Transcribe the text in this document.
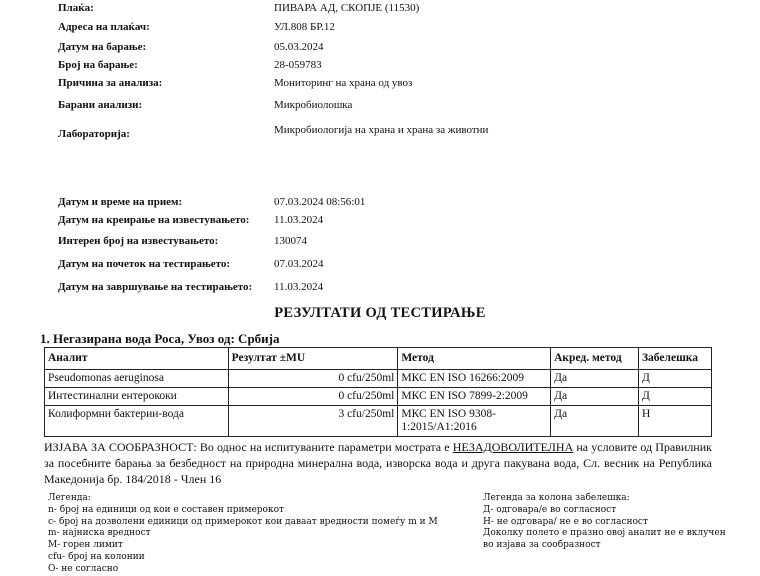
Плаќа:	ПИВАРА АД, СКОПЈЕ (11530)
Адреса на плаќач:	УЛ.808 БР.12
Датум на барање:	05.03.2024
Број на барање:	28-059783
Причина за анализа:	Мониторинг на храна од увоз
Барани анализи:	Микробиолошка
Лабораторија:	Микробиологија на храна и храна за животни
Датум и време на прием:	07.03.2024 08:56:01
Датум на креирање на известувањето: 11.03.2024
Интерен број на известувањето:	130074
Датум на почеток на тестирањето:	07.03.2024
Датум на завршување на тестирањето: 11.03.2024
РЕЗУЛТАТИ ОД ТЕСТИРАЊЕ
1. Негазирана вода Роса, Увоз од: Србија
Аналит	Резултат ±MU	Метод	Акред. метод	Забелешка
Pseudomonas aeruginosa	0 cfu/250ml	МКС EN ISO 16266:2009	Да	Д
Интестинални ентерококи	0 cfu/250ml	МКС EN ISO 7899-2:2009	Да	Д
Колиформни бактерии-вода	3 cfu/250ml	МКС EN ISO 9308-1:2015/A1:2016	Да	Н
ИЗЈАВА ЗА СООБРАЗНОСТ: Во однос на испитуваните параметри мострата е НЕЗАДОВОЛИТЕЛНА на условите од Правилник за посебните барања за безбедност на природна минерална вода, изворска вода и друга пакувана вода, Сл. весник на Република Македонија бр. 184/2018 - Член 16
Легенда:
n- број на единици од кои е составен примерокот
c- број на дозволени единици од примерокот кои даваат вредности помеѓу m и M
m- најниска вредност
M- горен лимит
cfu- број на колонии
О- не согласно
Легенда за колона забелешка:
Д- одговара/е во согласност
Н- не одговара/ не е во согласност
Доколку полето е празно овој аналит не е вклучен
во изјава за сообразност
